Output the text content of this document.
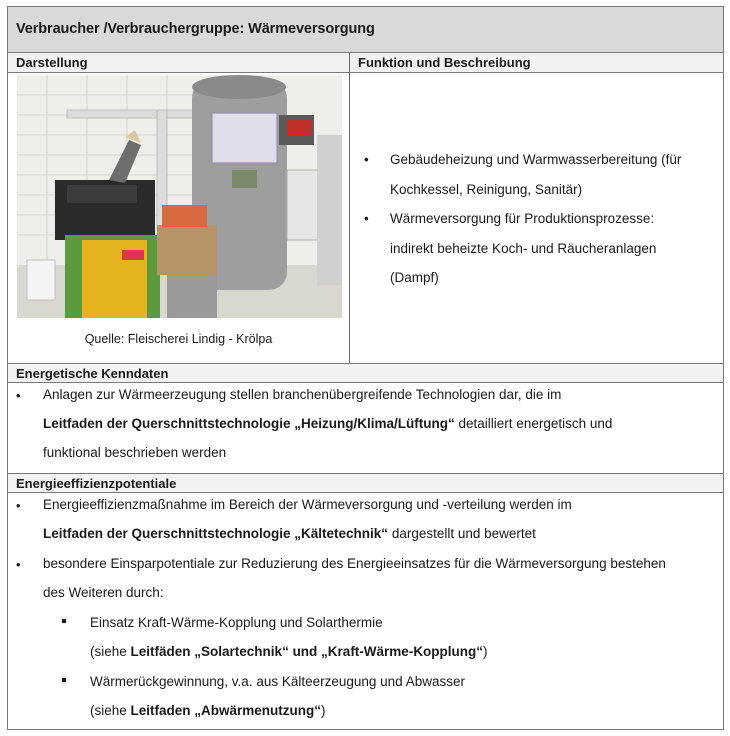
Verbraucher /Verbrauchergruppe: Wärmeversorgung
Darstellung	Funktion und Beschreibung
Quelle: Fleischerei Lindig - Krölpa
• Gebäudeheizung und Warmwasserbereitung (für
Kochkessel, Reinigung, Sanitär)
• Wärmeversorgung für Produktionsprozesse:
indirekt beheizte Koch- und Räucheranlagen
(Dampf)
Energetische Kenndaten
• Anlagen zur Wärmeerzeugung stellen branchenübergreifende Technologien dar, die im
Leitfaden der Querschnittstechnologie „Heizung/Klima/Lüftung“ detailliert energetisch und
funktional beschrieben werden
Energieeffizienzpotentiale
• Energieeffizienzmaßnahme im Bereich der Wärmeversorgung und -verteilung werden im
Leitfaden der Querschnittstechnologie „Kältetechnik“ dargestellt und bewertet
• besondere Einsparpotentiale zur Reduzierung des Energieeinsatzes für die Wärmeversorgung bestehen
des Weiteren durch:
Einsatz Kraft-Wärme-Kopplung und Solarthermie
(siehe Leitfäden „Solartechnik“ und „Kraft-Wärme-Kopplung“)
Wärmerückgewinnung, v.a. aus Kälteerzeugung und Abwasser
(siehe Leitfaden „Abwärmenutzung“)
